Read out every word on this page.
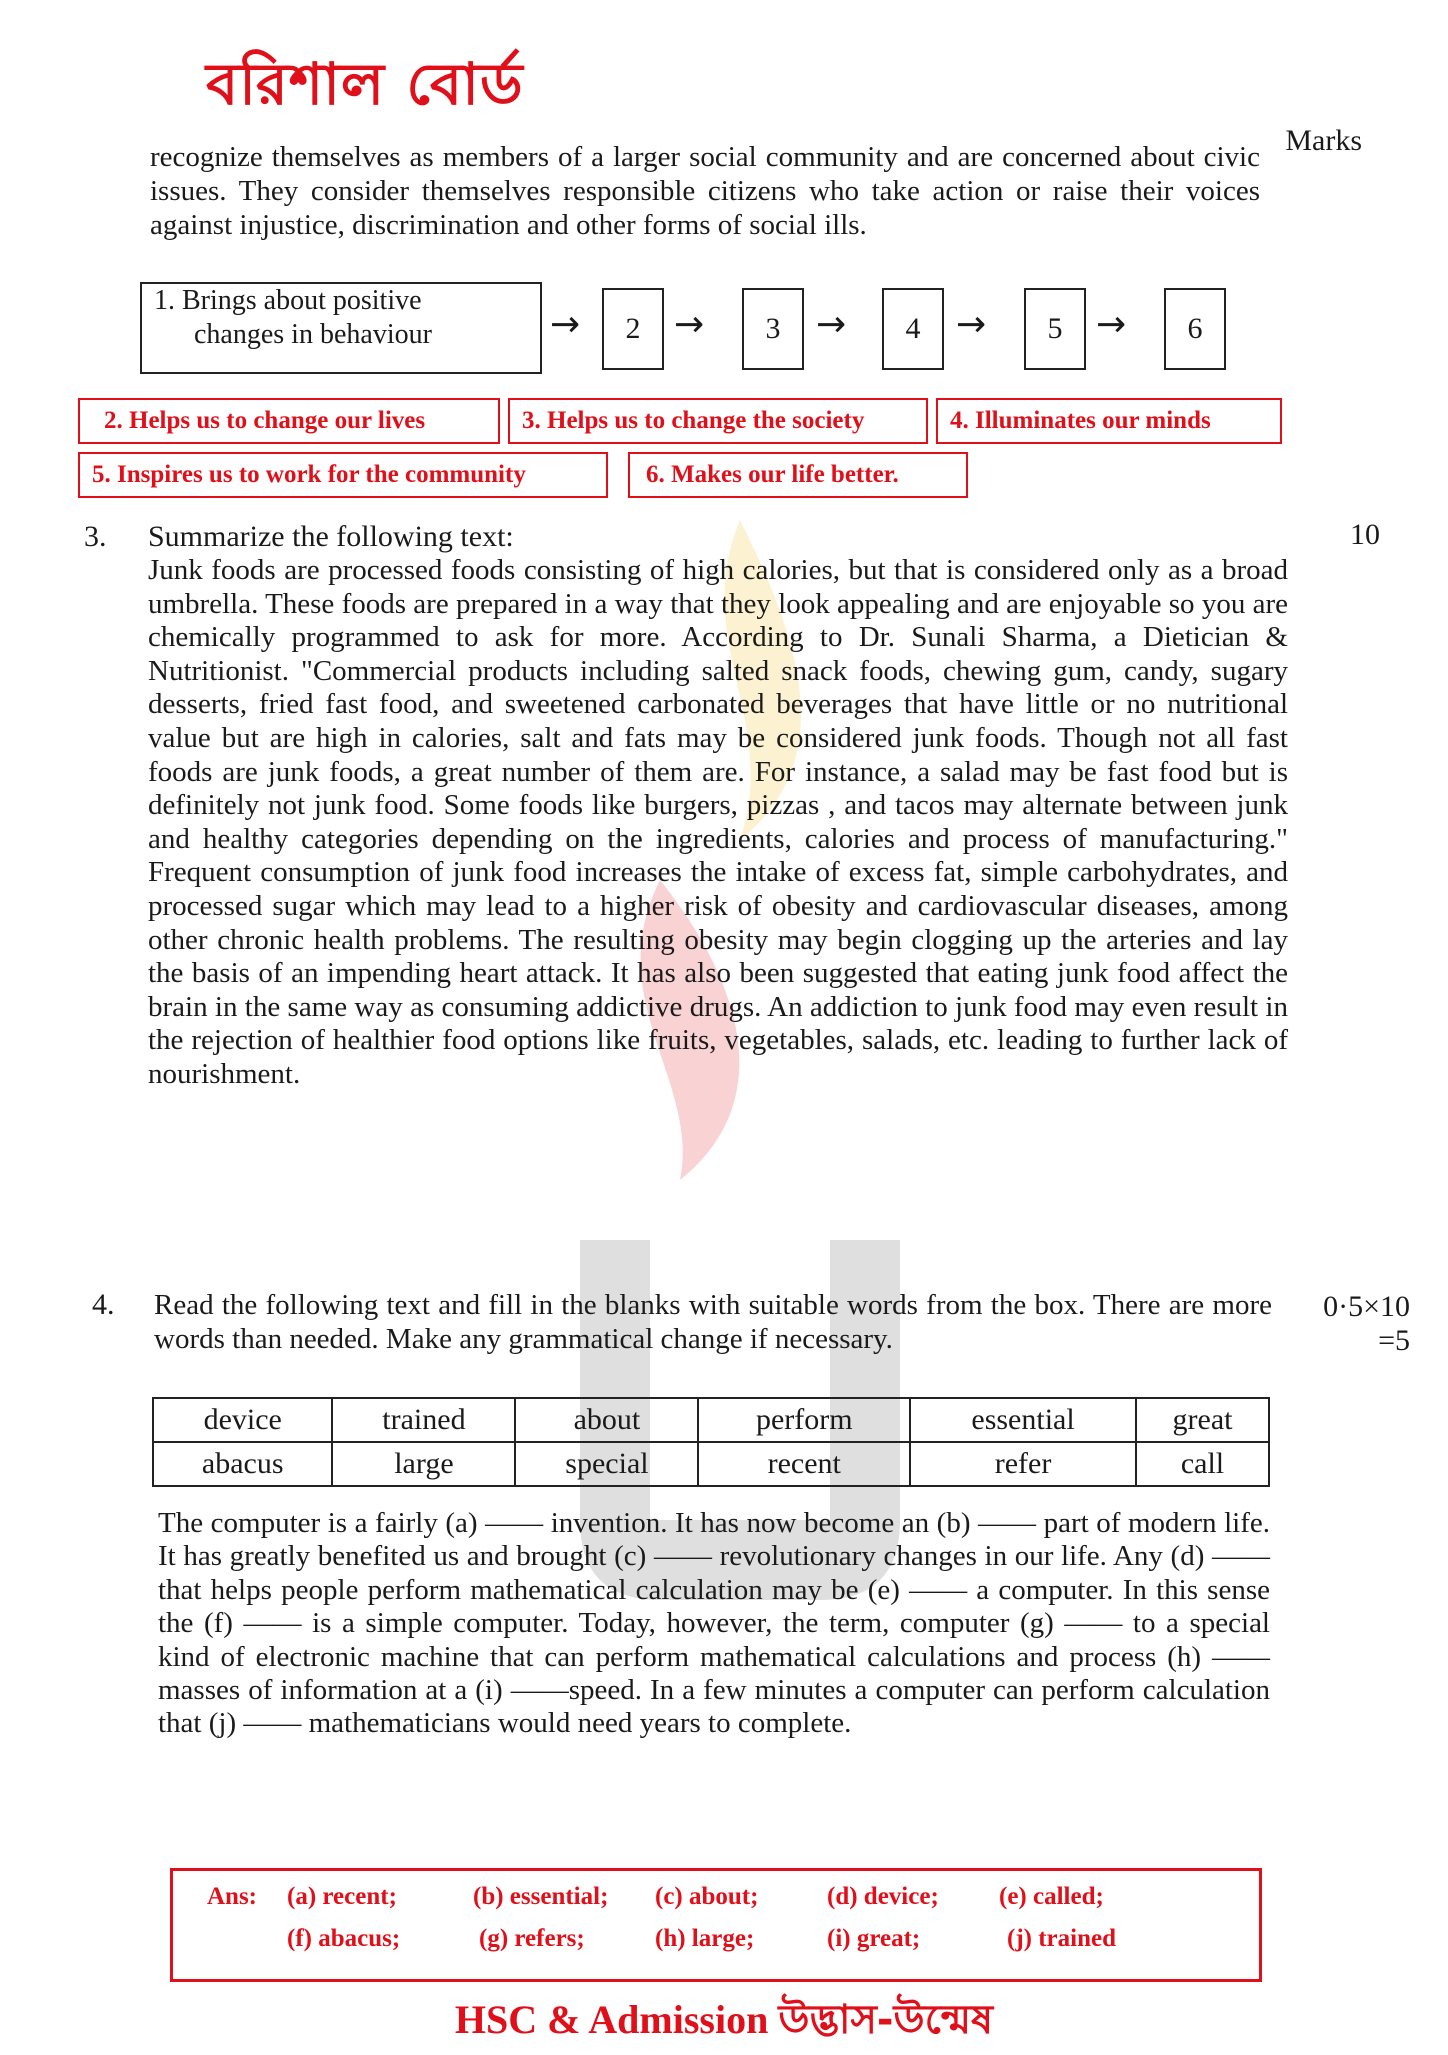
বরিশাল বোর্ড
Marks
recognize themselves as members of a larger social community and are concerned about civic issues. They consider themselves responsible citizens who take action or raise their voices against injustice, discrimination and other forms of social ills.
1. Brings about positive
changes in behaviour	→	2 →	3 →	4 →	5 →	6
2. Helps us to change our lives	3. Helps us to change the society	4. Illuminates our minds
5. Inspires us to work for the community	6. Makes our life better.
3. Summarize the following text:	10
Junk foods are processed foods consisting of high calories, but that is considered only as a broad umbrella. These foods are prepared in a way that they look appealing and are enjoyable so you are chemically programmed to ask for more. According to Dr. Sunali Sharma, a Dietician & Nutritionist. "Commercial products including salted snack foods, chewing gum, candy, sugary desserts, fried fast food, and sweetened carbonated beverages that have little or no nutritional value but are high in calories, salt and fats may be considered junk foods. Though not all fast foods are junk foods, a great number of them are. For instance, a salad may be fast food but is definitely not junk food. Some foods like burgers, pizzas , and tacos may alternate between junk and healthy categories depending on the ingredients, calories and process of manufacturing." Frequent consumption of junk food increases the intake of excess fat, simple carbohydrates, and processed sugar which may lead to a higher risk of obesity and cardiovascular diseases, among other chronic health problems. The resulting obesity may begin clogging up the arteries and lay the basis of an impending heart attack. It has also been suggested that eating junk food affect the brain in the same way as consuming addictive drugs. An addiction to junk food may even result in the rejection of healthier food options like fruits, vegetables, salads, etc. leading to further lack of nourishment.
4. Read the following text and fill in the blanks with suitable words from the box. There are more words than needed. Make any grammatical change if necessary.
0·5×10
=5
device	trained	about	perform	essential	great
abacus	large	special	recent	refer	call
The computer is a fairly (a) —— invention. It has now become an (b) —— part of modern life. It has greatly benefited us and brought (c) —— revolutionary changes in our life. Any (d) —— that helps people perform mathematical calculation may be (e) —— a computer. In this sense the (f) —— is a simple computer. Today, however, the term, computer (g) —— to a special kind of electronic machine that can perform mathematical calculations and process (h) —— masses of information at a (i) ——speed. In a few minutes a computer can perform calculation that (j) —— mathematicians would need years to complete.
Ans: (a) recent;	(b) essential; (c) about;	(d) device; (e) called;
(f) abacus;	(g) refers;	(h) large;	(i) great;	(j) trained
HSC & Admission উদ্ভাস-উন্মেষ
